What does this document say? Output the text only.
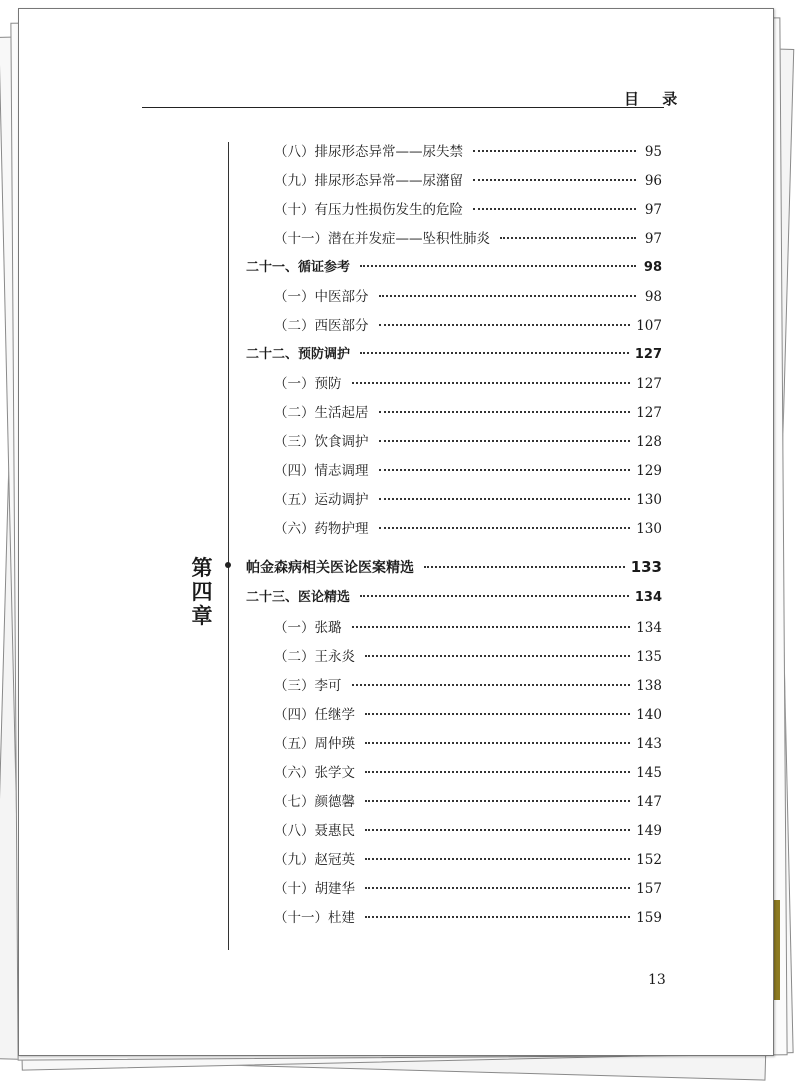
目 录
第四章
（八）排尿形态异常——尿失禁	95
（九）排尿形态异常——尿潴留	96
（十）有压力性损伤发生的危险	97
（十一）潜在并发症——坠积性肺炎	97
二十一、循证参考	98
（一）中医部分	98
（二）西医部分	107
二十二、预防调护	127
（一）预防	127
（二）生活起居	127
（三）饮食调护	128
（四）情志调理	129
（五）运动调护	130
（六）药物护理	130
帕金森病相关医论医案精选	133
二十三、医论精选	134
（一）张璐	134
（二）王永炎	135
（三）李可	138
（四）任继学	140
（五）周仲瑛	143
（六）张学文	145
（七）颜德馨	147
（八）聂惠民	149
（九）赵冠英	152
（十）胡建华	157
（十一）杜建	159
13
